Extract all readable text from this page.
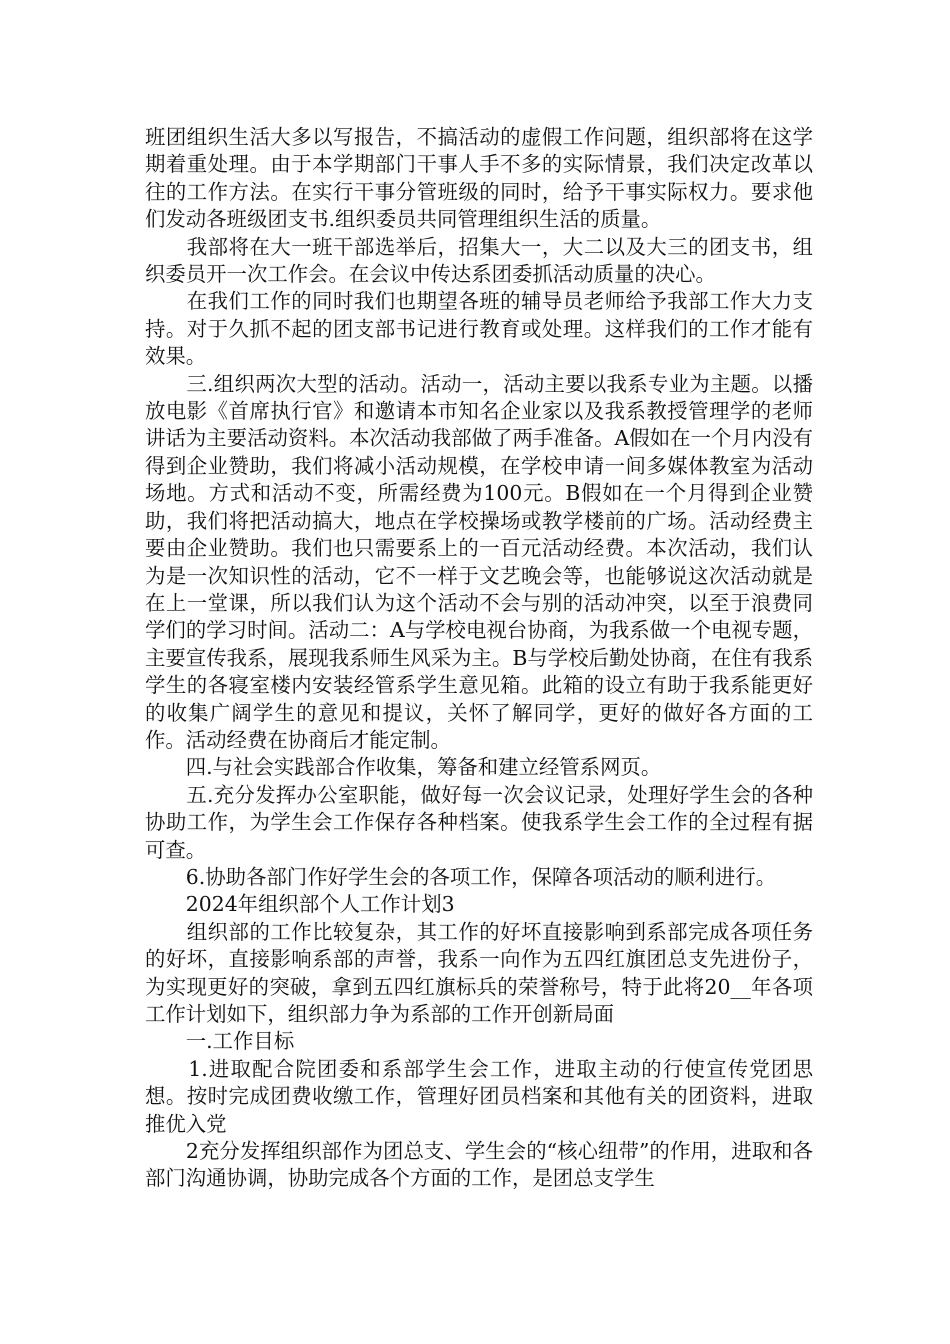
班团组织生活大多以写报告，不搞活动的虚假工作问题，组织部将在这学期着重处理。由于本学期部门干事人手不多的实际情景，我们决定改革以往的工作方法。在实行干事分管班级的同时，给予干事实际权力。要求他们发动各班级团支书.组织委员共同管理组织生活的质量。

　　我部将在大一班干部选举后，招集大一，大二以及大三的团支书，组织委员开一次工作会。在会议中传达系团委抓活动质量的决心。

　　在我们工作的同时我们也期望各班的辅导员老师给予我部工作大力支持。对于久抓不起的团支部书记进行教育或处理。这样我们的工作才能有效果。

　　三.组织两次大型的活动。活动一，活动主要以我系专业为主题。以播放电影《首席执行官》和邀请本市知名企业家以及我系教授管理学的老师讲话为主要活动资料。本次活动我部做了两手准备。A假如在一个月内没有得到企业赞助，我们将减小活动规模，在学校申请一间多媒体教室为活动场地。方式和活动不变，所需经费为100元。B假如在一个月得到企业赞助，我们将把活动搞大，地点在学校操场或教学楼前的广场。活动经费主要由企业赞助。我们也只需要系上的一百元活动经费。本次活动，我们认为是一次知识性的活动，它不一样于文艺晚会等，也能够说这次活动就是在上一堂课，所以我们认为这个活动不会与别的活动冲突，以至于浪费同学们的学习时间。活动二：A与学校电视台协商，为我系做一个电视专题，主要宣传我系，展现我系师生风采为主。B与学校后勤处协商，在住有我系学生的各寝室楼内安装经管系学生意见箱。此箱的设立有助于我系能更好的收集广阔学生的意见和提议，关怀了解同学，更好的做好各方面的工作。活动经费在协商后才能定制。

　　四.与社会实践部合作收集，筹备和建立经管系网页。

　　五.充分发挥办公室职能，做好每一次会议记录，处理好学生会的各种协助工作，为学生会工作保存各种档案。使我系学生会工作的全过程有据可查。

　　6.协助各部门作好学生会的各项工作，保障各项活动的顺利进行。

　　2024年组织部个人工作计划3

　　组织部的工作比较复杂，其工作的好坏直接影响到系部完成各项任务的好坏，直接影响系部的声誉，我系一向作为五四红旗团总支先进份子，为实现更好的突破，拿到五四红旗标兵的荣誉称号，特于此将20__年各项工作计划如下，组织部力争为系部的工作开创新局面

　　一.工作目标

　　1.进取配合院团委和系部学生会工作，进取主动的行使宣传党团思想。按时完成团费收缴工作，管理好团员档案和其他有关的团资料，进取推优入党

　　2充分发挥组织部作为团总支、学生会的“核心纽带”的作用，进取和各部门沟通协调，协助完成各个方面的工作，是团总支学生
